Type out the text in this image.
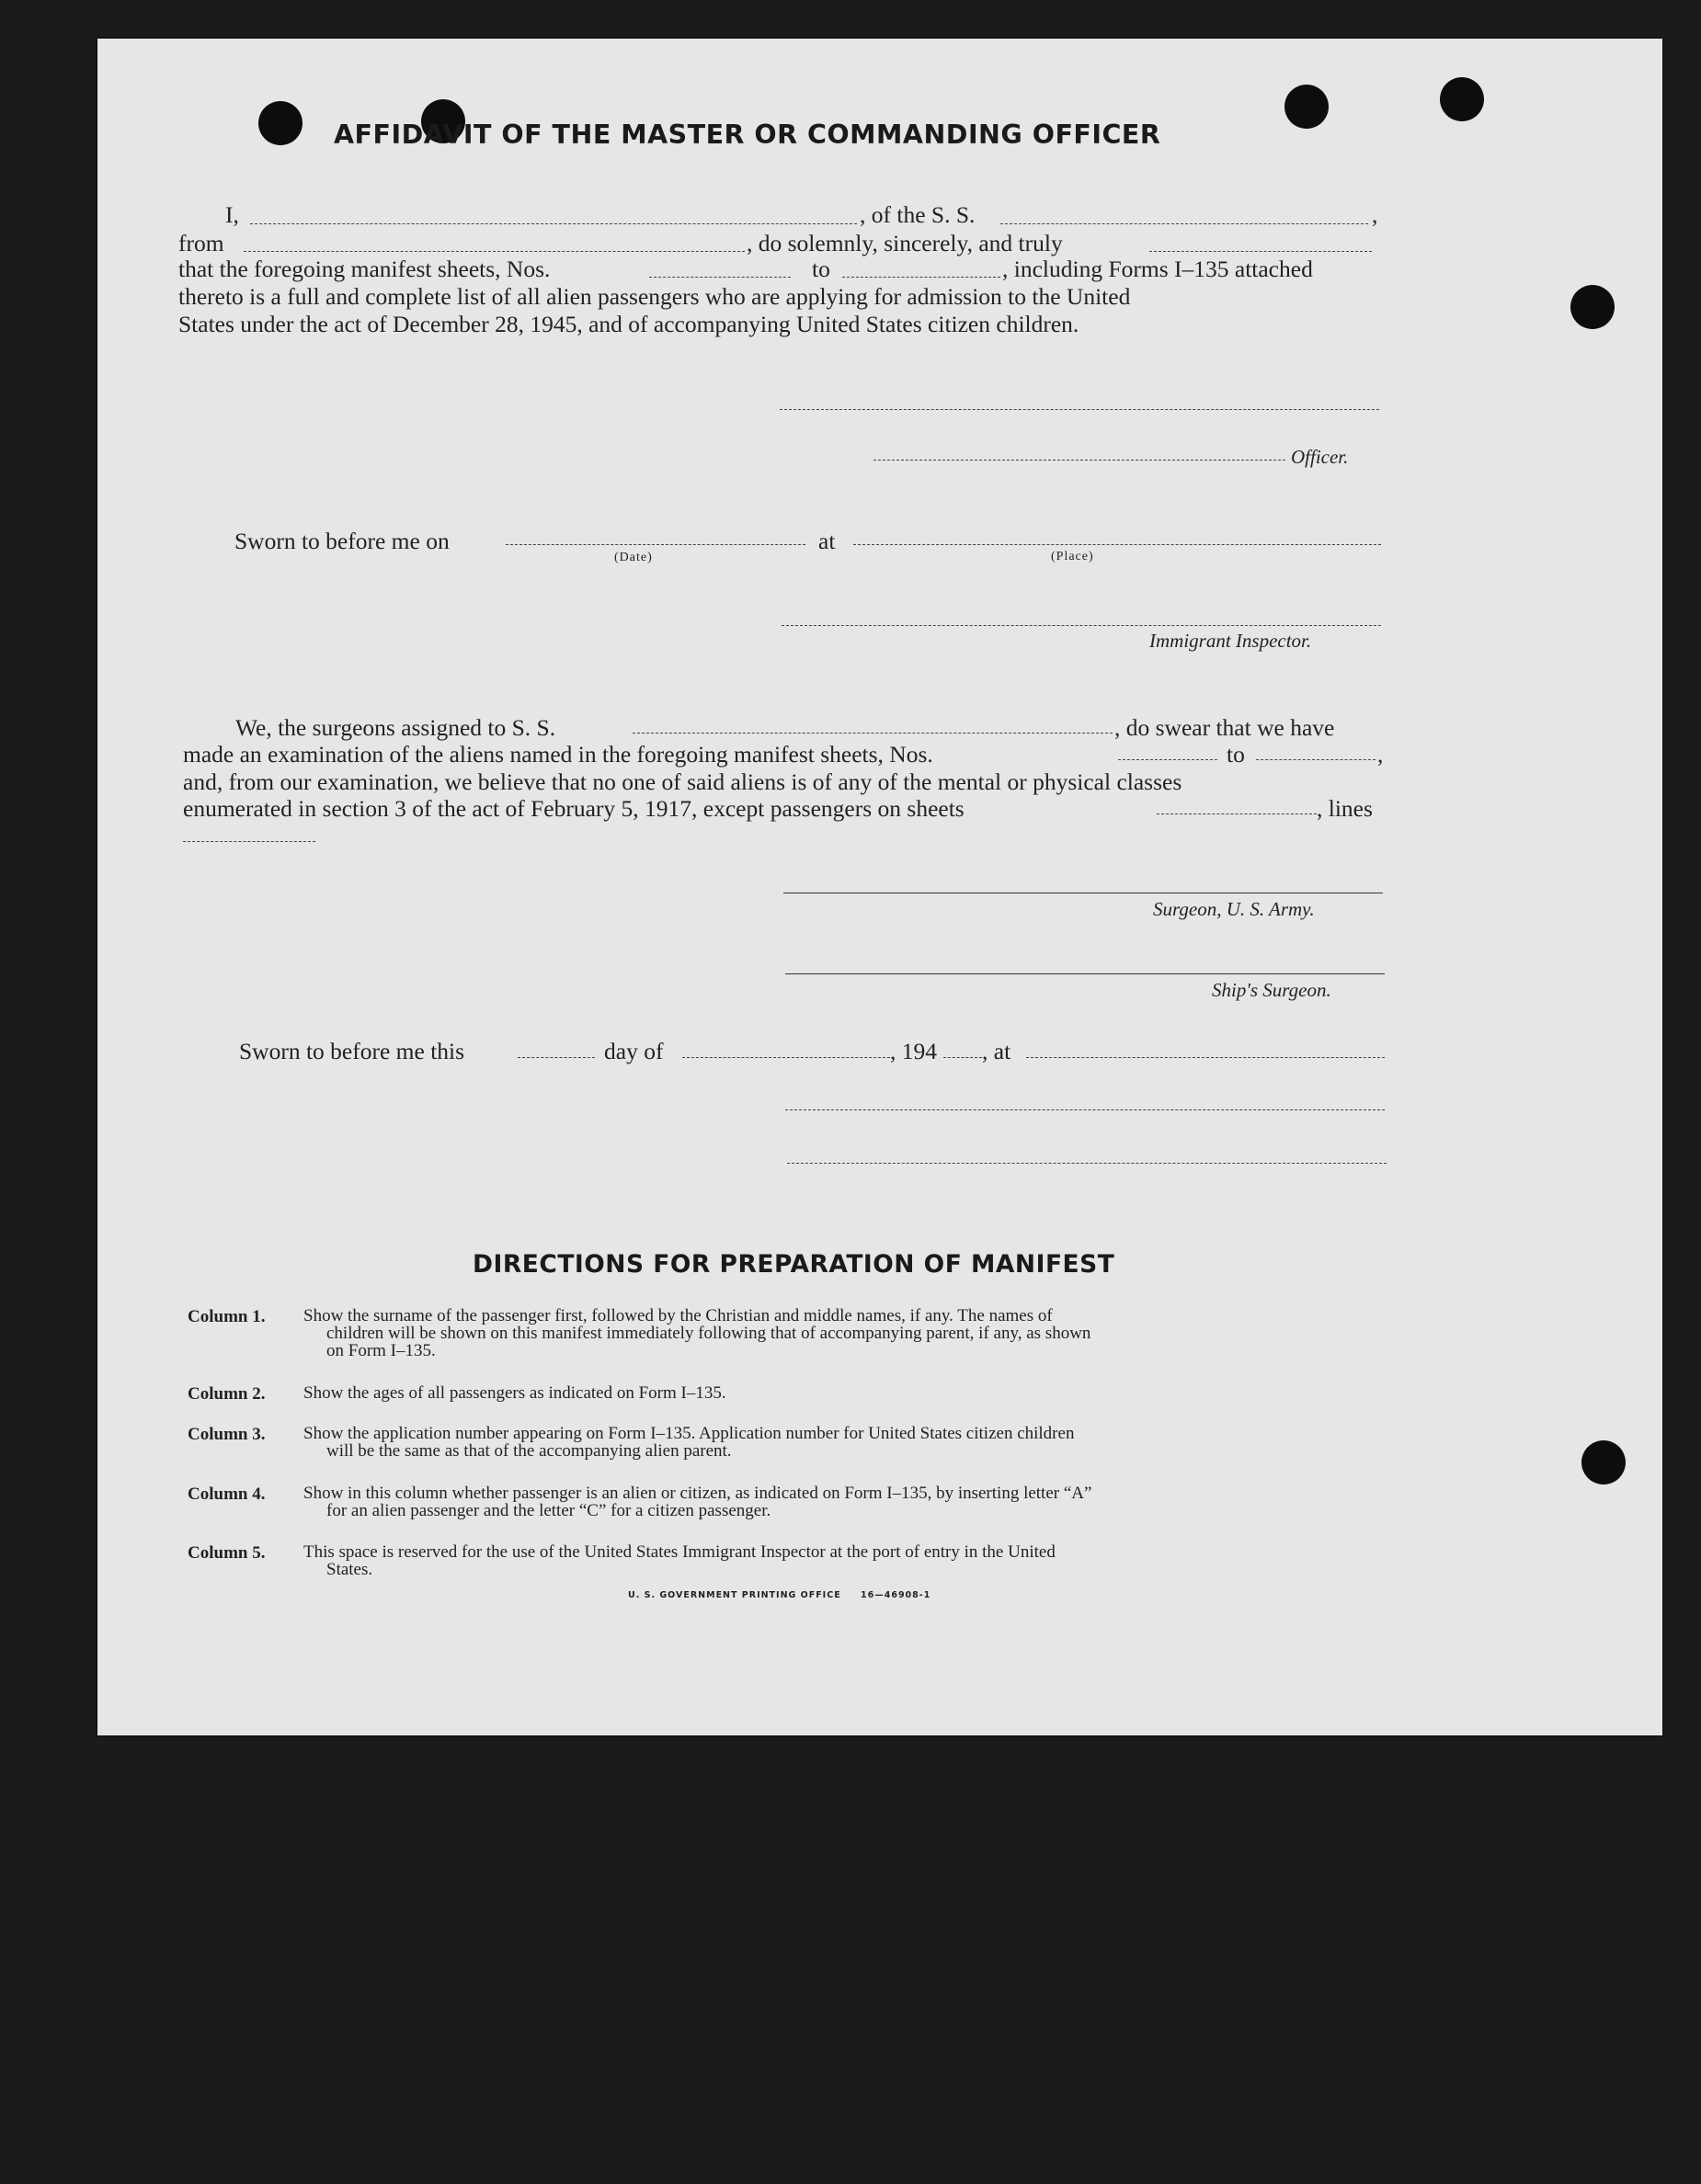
AFFIDAVIT OF THE MASTER OR COMMANDING OFFICER
I,	, of the S. S.	,
from	, do solemnly, sincerely, and truly
that the foregoing manifest sheets, Nos.	to	, including Forms I–135 attached
thereto is a full and complete list of all alien passengers who are applying for admission to the United
States under the act of December 28, 1945, and of accompanying United States citizen children.
Officer.
Sworn to before me on
(Date)
at
(Place)
Immigrant Inspector.
We, the surgeons assigned to S. S.	, do swear that we have
made an examination of the aliens named in the foregoing manifest sheets, Nos.	to	,
and, from our examination, we believe that no one of said aliens is of any of the mental or physical classes
enumerated in section 3 of the act of February 5, 1917, except passengers on sheets	, lines
Surgeon, U. S. Army.
Ship's Surgeon.
Sworn to before me this	day of	, 194 , at
DIRECTIONS FOR PREPARATION OF MANIFEST
Column 1. Show the surname of the passenger first, followed by the Christian and middle names, if any. The names of
children will be shown on this manifest immediately following that of accompanying parent, if any, as shown
on Form I–135.
Column 2. Show the ages of all passengers as indicated on Form I–135.
Column 3. Show the application number appearing on Form I–135. Application number for United States citizen children
will be the same as that of the accompanying alien parent.
Column 4. Show in this column whether passenger is an alien or citizen, as indicated on Form I–135, by inserting letter “A”
for an alien passenger and the letter “C” for a citizen passenger.
Column 5. This space is reserved for the use of the United States Immigrant Inspector at the port of entry in the United
States.
U. S. GOVERNMENT PRINTING OFFICE 16—46908-1
